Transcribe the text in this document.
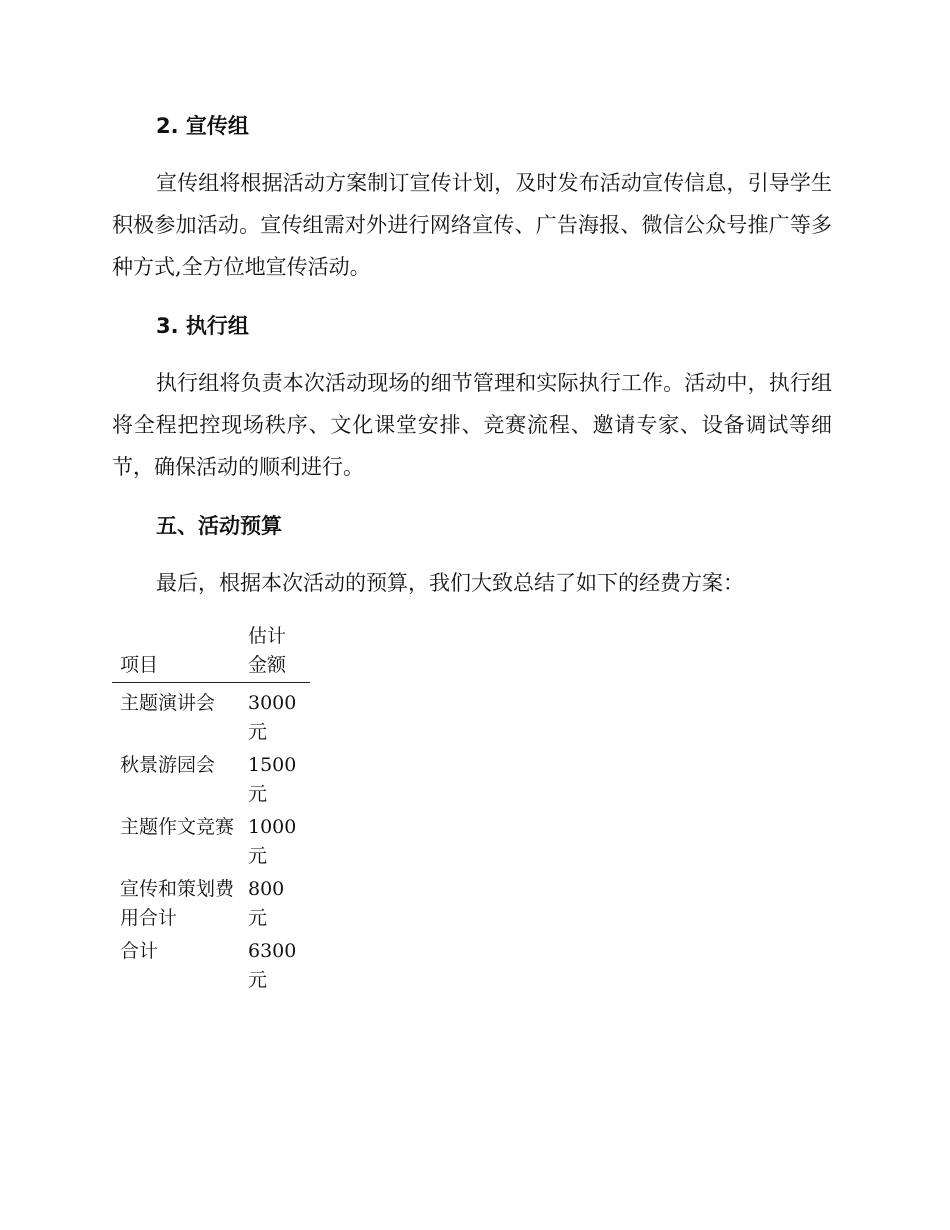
2. 宣传组

宣传组将根据活动方案制订宣传计划，及时发布活动宣传信息，引导学生积极参加活动。宣传组需对外进行网络宣传、广告海报、微信公众号推广等多种方式,全方位地宣传活动。

3. 执行组

执行组将负责本次活动现场的细节管理和实际执行工作。活动中，执行组将全程把控现场秩序、文化课堂安排、竞赛流程、邀请专家、设备调试等细节，确保活动的顺利进行。

五、活动预算

最后，根据本次活动的预算，我们大致总结了如下的经费方案：

项目	估计金额

主题演讲会	3000元

秋景游园会	1500元

主题作文竞赛	1000元

宣传和策划费用合计	800元

合计	6300元
